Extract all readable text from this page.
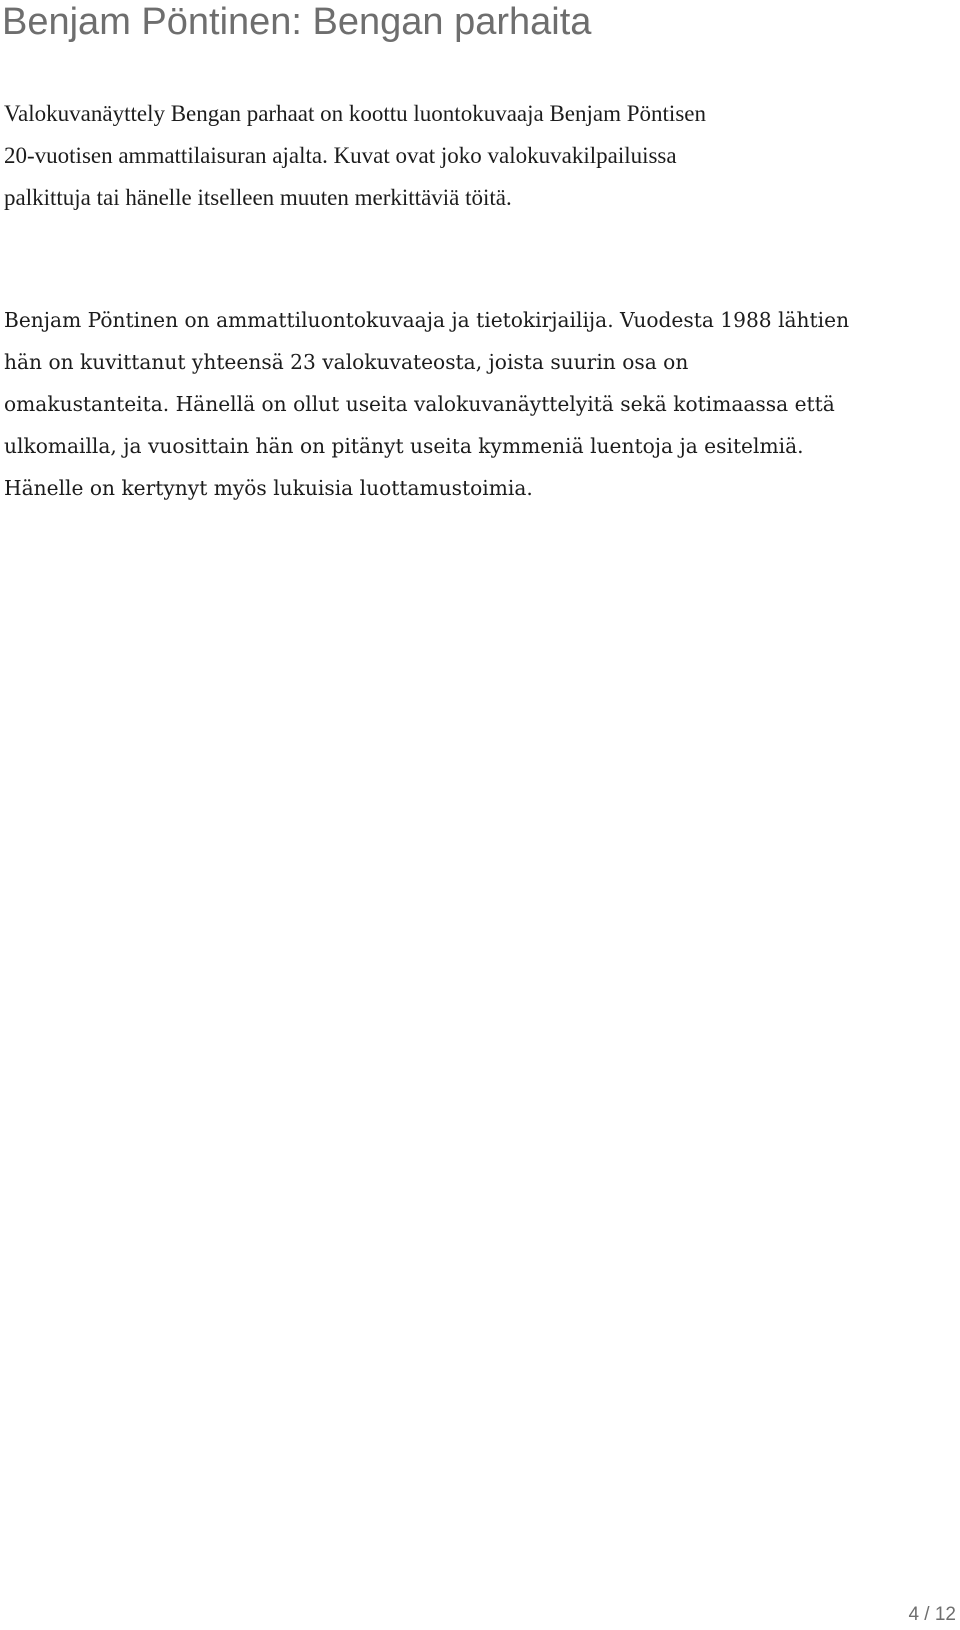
Benjam Pöntinen: Bengan parhaita

Valokuvanäyttely Bengan parhaat on koottu luontokuvaaja Benjam Pöntisen 20-vuotisen ammattilaisuran ajalta. Kuvat ovat joko valokuvakilpailuissa palkittuja tai hänelle itselleen muuten merkittäviä töitä.

Benjam Pöntinen on ammattiluontokuvaaja ja tietokirjailija. Vuodesta 1988 lähtien hän on kuvittanut yhteensä 23 valokuvateosta, joista suurin osa on omakustanteita. Hänellä on ollut useita valokuvanäyttelyitä sekä kotimaassa että ulkomailla, ja vuosittain hän on pitänyt useita kymmeniä luentoja ja esitelmiä. Hänelle on kertynyt myös lukuisia luottamustoimia.

4 / 12
